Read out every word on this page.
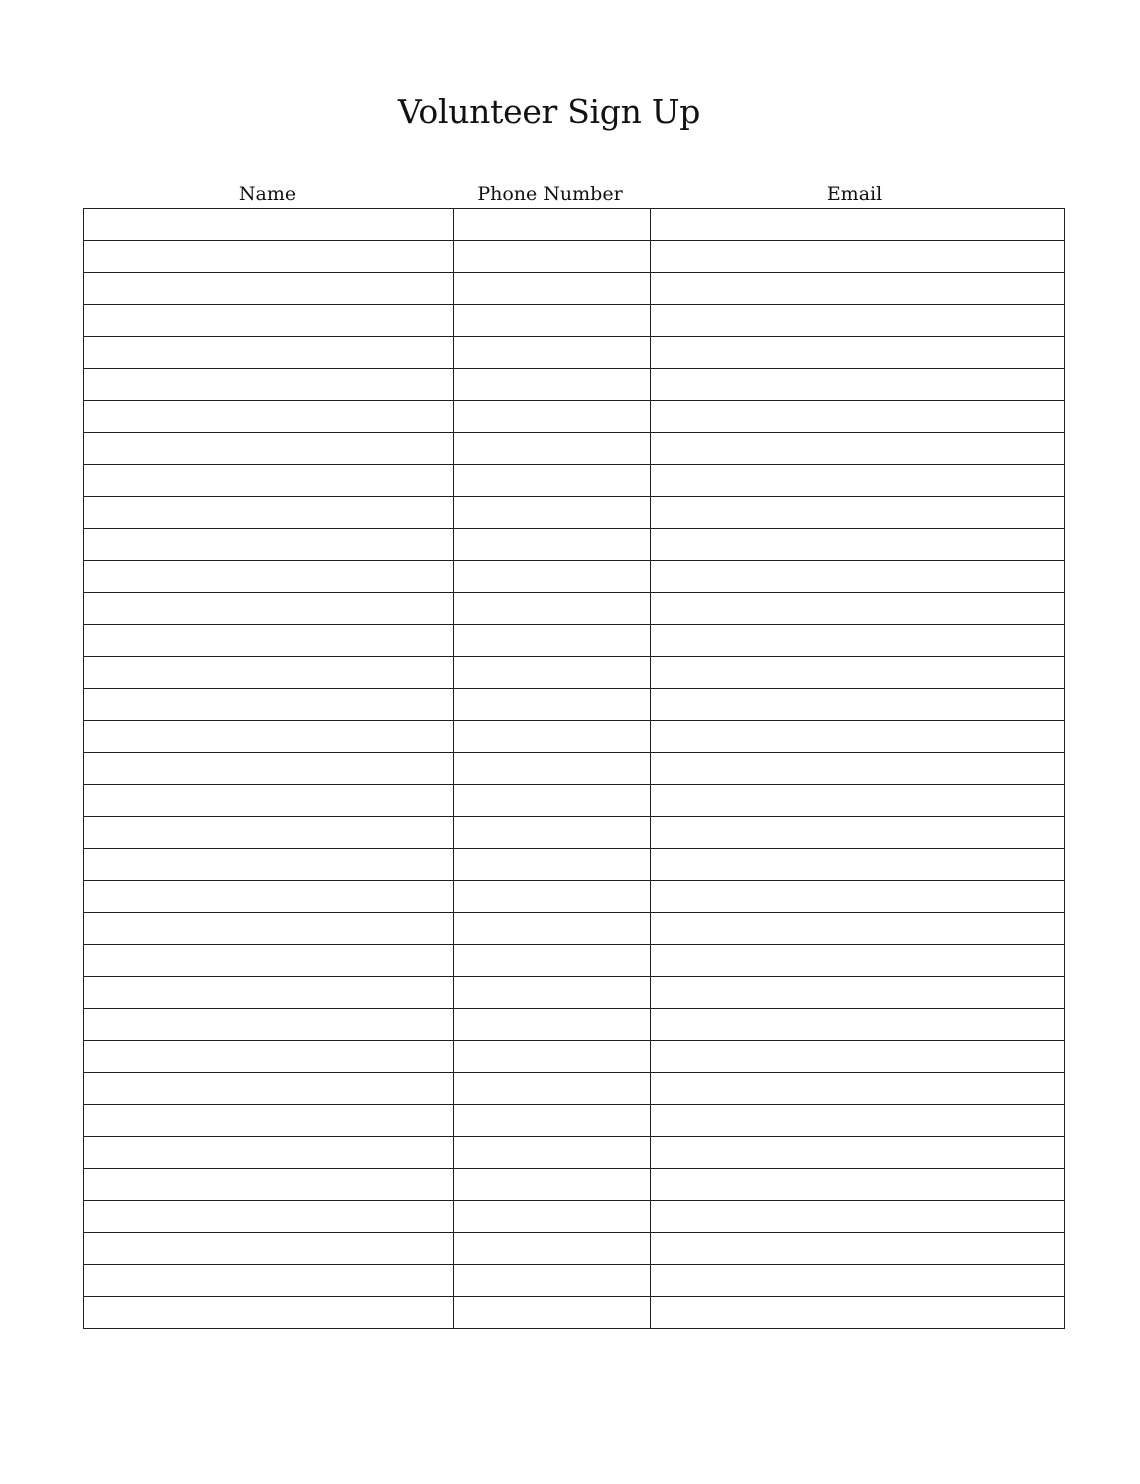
Volunteer Sign Up
Name	Phone Number	Email
